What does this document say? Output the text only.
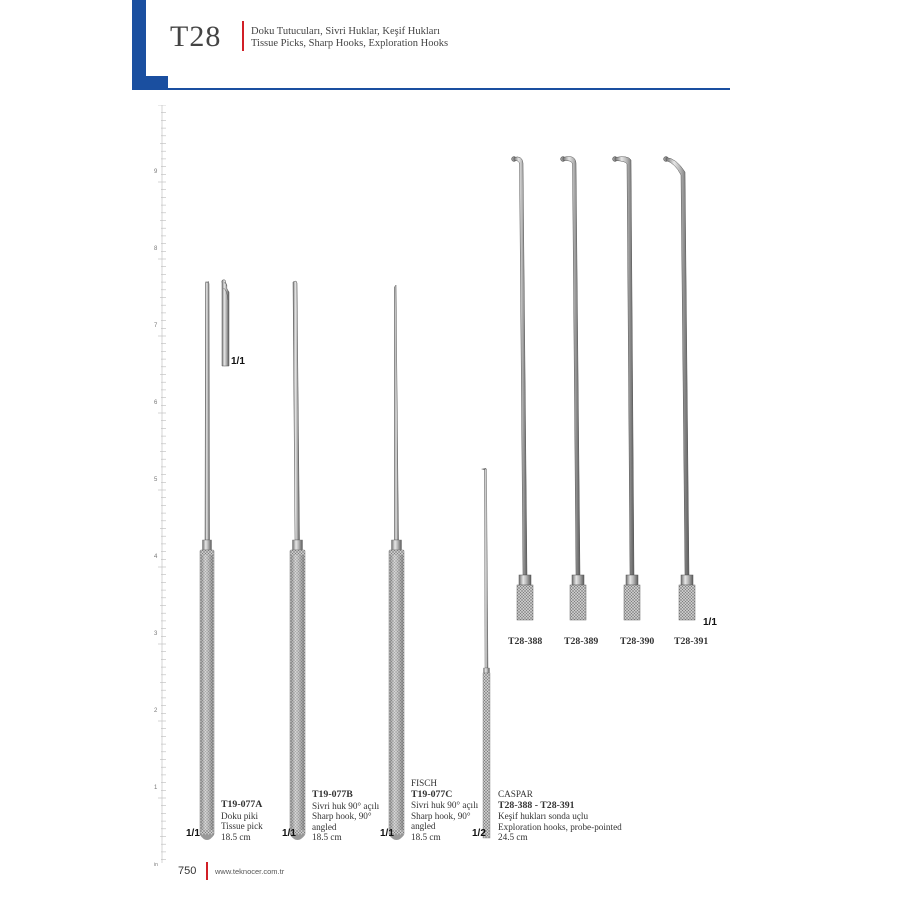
T28	Doku Tutucuları, Sivri Huklar, Keşif Hukları
Tissue Picks, Sharp Hooks, Exploration Hooks
9
8
7
6
5
4
3
2
1
in
1/1
1/1	1/1	1/1	1/2
1/1
T28-388 T28-389 T28-390 T28-391
T19-077A
Doku piki
Tissue pick
18.5 cm
T19-077B
Sivri huk 90° açılı
Sharp hook, 90°
angled
18.5 cm
FISCH
T19-077C
Sivri huk 90° açılı
Sharp hook, 90°
angled
18.5 cm
CASPAR
T28-388 - T28-391
Keşif hukları sonda uçlu
Exploration hooks, probe-pointed
24.5 cm
750 www.teknocer.com.tr
